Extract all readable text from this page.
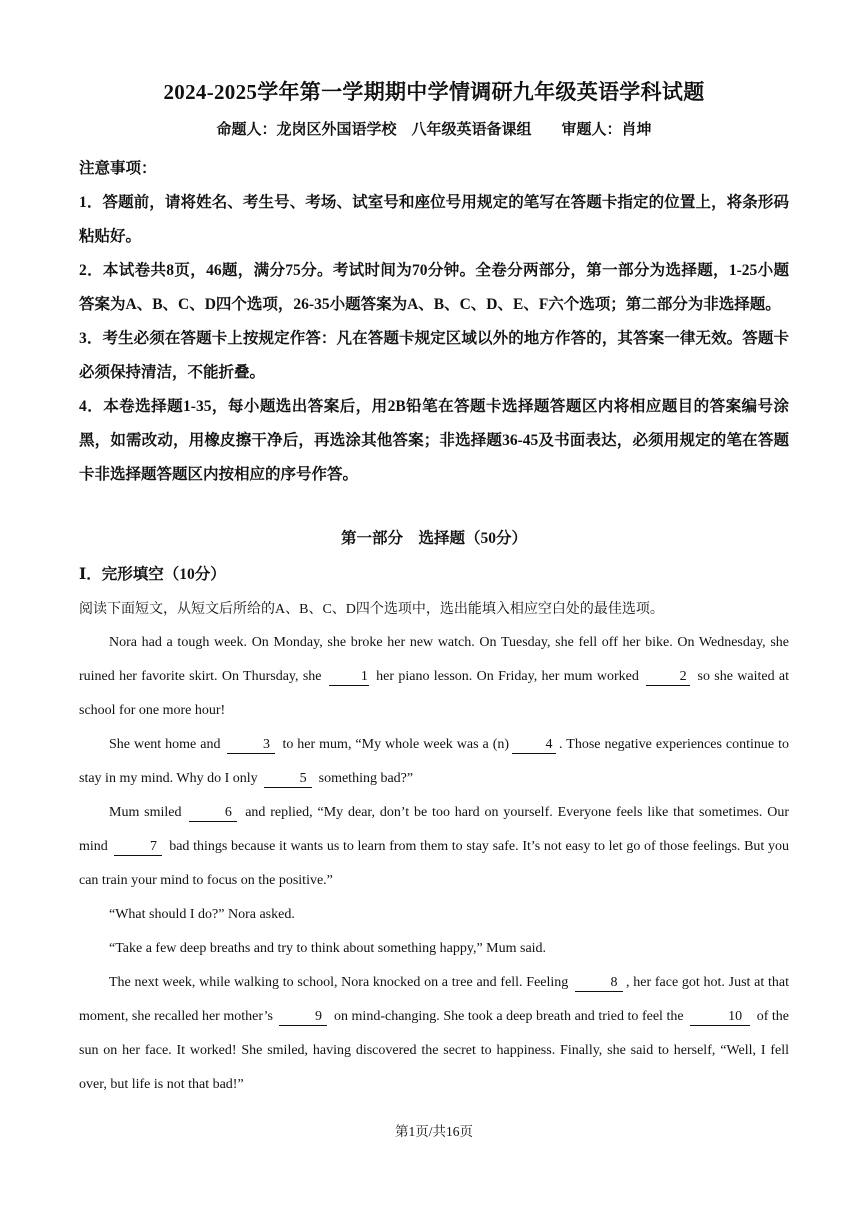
2024-2025学年第一学期期中学情调研九年级英语学科试题
命题人：龙岗区外国语学校　八年级英语备课组　　审题人：肖坤

注意事项：

1．答题前，请将姓名、考生号、考场、试室号和座位号用规定的笔写在答题卡指定的位置上，将条形码粘贴好。

2．本试卷共8页，46题，满分75分。考试时间为70分钟。全卷分两部分，第一部分为选择题，1-25小题答案为A、B、C、D四个选项，26-35小题答案为A、B、C、D、E、F六个选项；第二部分为非选择题。

3．考生必须在答题卡上按规定作答：凡在答题卡规定区域以外的地方作答的，其答案一律无效。答题卡必须保持清洁，不能折叠。

4．本卷选择题1-35，每小题选出答案后，用2B铅笔在答题卡选择题答题区内将相应题目的答案编号涂黑，如需改动，用橡皮擦干净后，再选涂其他答案；非选择题36-45及书面表达，必须用规定的笔在答题卡非选择题答题区内按相应的序号作答。

第一部分　选择题（50分）
Ⅰ．完形填空（10分）
阅读下面短文，从短文后所给的A、B、C、D四个选项中，选出能填入相应空白处的最佳选项。

Nora had a tough week. On Monday, she broke her new watch. On Tuesday, she fell off her bike. On Wednesday, she ruined her favorite skirt. On Thursday, she	1 her piano lesson. On Friday, her mum worked	2 so she waited at school for one more hour!

She went home and	3 to her mum, “My whole week was a (n)	4 . Those negative experiences continue to stay in my mind. Why do I only	5 something bad?”

Mum smiled	6 and replied, “My dear, don’t be too hard on yourself. Everyone feels like that sometimes. Our mind	7 bad things because it wants us to learn from them to stay safe. It’s not easy to let go of those feelings. But you can train your mind to focus on the positive.”

“What should I do?” Nora asked.

“Take a few deep breaths and try to think about something happy,” Mum said.

The next week, while walking to school, Nora knocked on a tree and fell. Feeling	8 , her face got hot. Just at that moment, she recalled her mother’s	9 on mind-changing. She took a deep breath and tried to feel the	10 of the sun on her face. It worked! She smiled, having discovered the secret to happiness. Finally, she said to herself, “Well, I fell over, but life is not that bad!”

第1页/共16页
